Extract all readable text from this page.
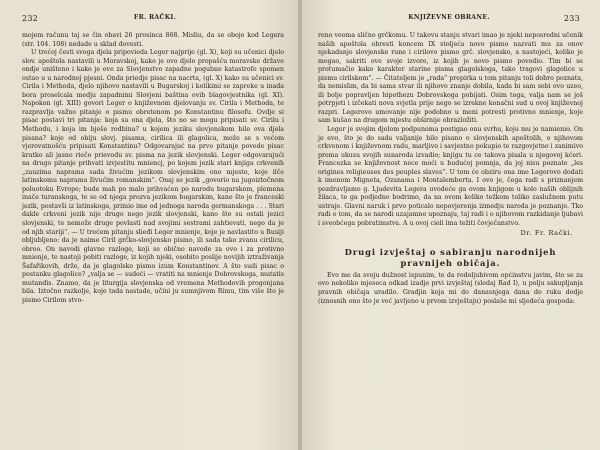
232	FR. RAČKI.

mojem računu taj se čin obavi 26 prosinca 868. Misliu, da se oboje kod Legera (str. 104. 108) nedade u sklad dovesti.

U trećoj česti svoga djela pripovieda Leger najprije (gl. X), koji su učenici djelo slov. apoštola nastavili u Moravskoj, kako je ovo djelo propašću moravske države ondje uništeno i kako je ove za Slovjenstvo zapadne pogubne katastrofe spomen ostao u u narodnoj pjesni. Onda priedje pisac na nacrta, (gl. X) kako su učenici sv. Cirila i Methoda, djelo njihovo nastavili u Bugarskoj i kolikimi se zapreke u inada bora proselcala medju zapadnimi Slovjeni baština ovih blagovjestnika (gl. XI). Napokon (gl. XIII) govori Leger o književnom djelovanju sv. Cirila i Methoda, te razpravlja važno pitanje o pismu obretenom po Konstantinu filosofu. Ovdje si pisac postavi tri pitanja: koja su ona djela, što no se mogu pripisati sv. Cirilu i Methodu, i koja im bješe rodbina? u kojem jeziku slovjenskom bile ova djela pisana? koje od obiju slovj. pisama, cirilica ili glagolica, može se s većom vjerovatnošću pripisati Konstantinu? Odgovarajuć na prvo pitanje povede pisac kratko ali jasno riečo prievodu sv. pisma na jezik slovjenski. Leger odgovarajući na drugo pitanje prihvati izvjestitu mniencj, po kojem jezik stari knjiga crkvenih „zauzima naprama sada živućim jezikom slovjenskim ono mjesto, koje ilče latinskomu naprama živućim romanskim“. Onaj se jezik „govorio na jugoiztočnom poluotoku Evrope; bude mah po malo prihvaćen po narodu bugarskom, plemena inače turanskoga, te se od njega prozva jezikom bugarskim, kano što je franceski jezik, postavši iz latinskoga, primio ime od jednoga naroda germanskoga . . . Stari dakle crkveni jezik nije drugo nego jezik slovjenski, kano što su ostali jezici slovjenski, te nemože druge povlasti nad svojimi sestrami zahtievati, nego da je od njih stariji“. — U trećem pitanju slieđi Leger mnienje, koje je navlastito u Rusiji obljubljeno: da je naime Ciril grčko-slovjensko pismo, ili sada tako zvanu cirilicu, obreo. On navodi glavne razloge, koji se obično navode za ovo i za protivno mnienje, te nastoji pobiti razloge, iz kojih njeki, osobito poslije novijih iztraživanja Šafařikovih, drže, da je glagolsko pismo izum Konstantinov. A što sudi pisac o postanku glagolice? „valja se — sudeći — vratiti na mnienje Dobrovskoga, mutatis mutandis. Znamo, da je liturgija slovjenska od vremena Methodovih progonjana bila. Iztočno razkolje, koje tada nastade, učini ju sumnjivom Rimu, tim više što je pismo Cirilom stvo-

KNJIŽEVNE OBRANE.	233

reno veoma slično grčkomu. U takovu stanju stvari imao je njeki neposredni učenik naših apoštola obresti koncem IX stoljeća novo pismo nazvati mu za onov njekadanje slovjenske rune i cirilovo pismo grč. slovjensko, a nastojeći, koliko je mogao, sakriti ove svoje izvore, iz kojih je novo pismo povodio. Tim bi se protumačio kako karakter starine pisma glagolskoga, tako tragovi glagolice u pismu cirilskom“. — Čitateljem je „rada“ prepirka u tom pitanju toli dobro poznata, da nemislim, da bi sama stvar ili njihovo znanje dobila, kada bi sam sebi ovo uzeo, ili bolje popravljen hipothezu Dobrovskoga pobijati. Osim toga, valja nam se još potrpjeti i izčekati nova svjetla prije nego se izrekne konačni sud u ovoj književnoj razpri. Legerovo umovanje nije podobno u meni potresti protivno mnienje, koje sam kušao na drugom mjestu obširnije obrazložiti.

Leger je svojim djelom podpunoma postigao onu svrhu, koju mu je namienio. On je evo, što je do sada valjanije bilo pisano o slovjenskih apoštolih, o njihovom crkvenom i književnom radu, marljivo i savjestno pokupio te razgovjetno i zanimivo prema ukusu svojih sunaroda izvadio; knjigu tu ce takova pisala u njegovoj kćeri. Francezka se književnost nece moći u budućoj pomnja, da joj nisu poznate „les origines religieuses des peuples slaves“. U tom će obziru ona ime Legerovo dodati k imenom Migneta, Ozanama i Montalemberta. I ovo je, čega radi s priznanjem pozdravljamo g. Ljudevita Legera uvodeće ga ovom knjigom u kolo naših oblijnih žilaca, te ga podjedno bodrimo, da na ovom koliko težkom toliko zaslužnom putu ustraje. Glavni naruk i prvo poticalo nepovjerenja izmedju naroda je poznanje. Tko radi o tom, da se narodi uzajamno upoznaju, taj radi i o njihovom razkidanje ljubavi i sveobćega pobratimstva. A u ovoj cieli ima težiti čovječanstvo.

Dr. Fr. Rački.

Drugi izvještaj o sabiranju narodnijeh pravnijeh običaja.

Evo me da svoju dužnost ispunim, te da rodoljubivom općinstvu javim, što se za ovo nekoliko mjeseca odkad izadje prvi izvještaj (sledaj Rad I), u polju sakupljanja pravnih običaja uradilo. Gradjin koja mi do danasnjega dana do ruku dodje (iznosnih ono što je već javljeno u prvom izvještaju) poslaše mi sljedeća gospoda:
